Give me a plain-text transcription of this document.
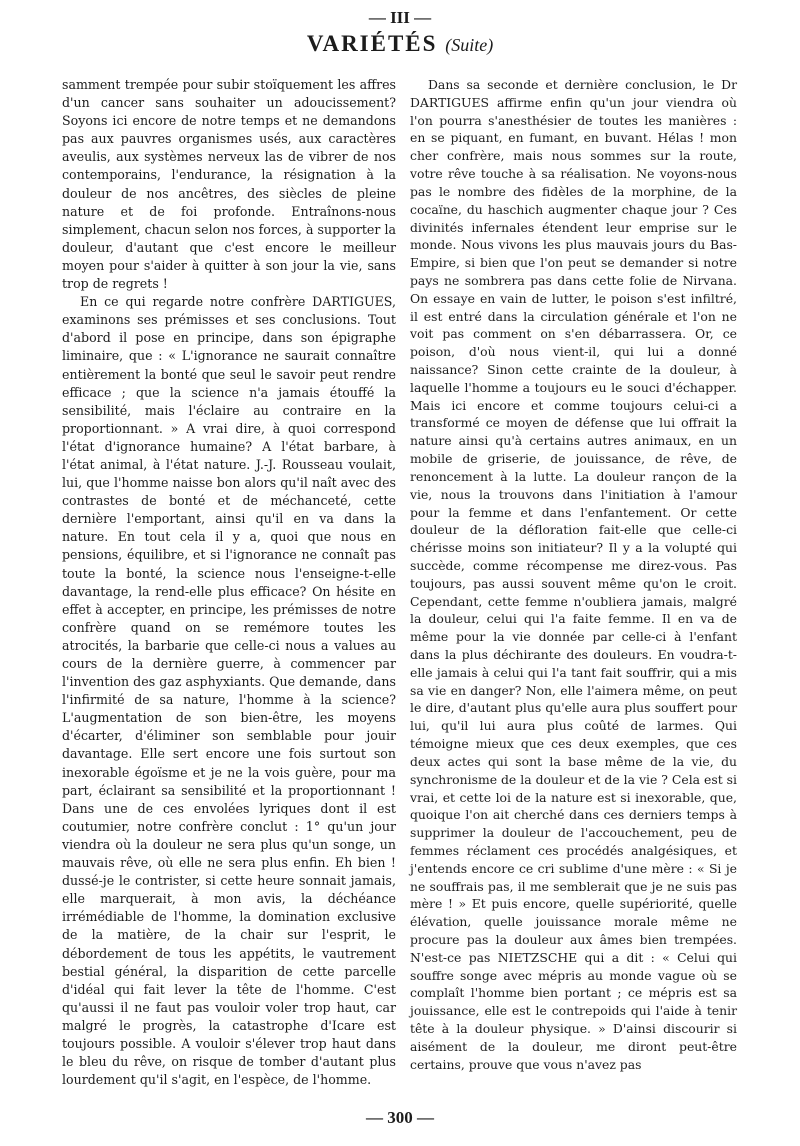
— III —
VARIÉTÉS (Suite)

samment trempée pour subir stoïquement les affres d'un cancer sans souhaiter un adoucissement? Soyons ici encore de notre temps et ne demandons pas aux pauvres organismes usés, aux caractères aveulis, aux systèmes nerveux las de vibrer de nos contemporains, l'endurance, la résignation à la douleur de nos ancêtres, des siècles de pleine nature et de foi profonde. Entraînons-nous simplement, chacun selon nos forces, à supporter la douleur, d'autant que c'est encore le meilleur moyen pour s'aider à quitter à son jour la vie, sans trop de regrets !

En ce qui regarde notre confrère DARTIGUES, examinons ses prémisses et ses conclusions. Tout d'abord il pose en principe, dans son épigraphe liminaire, que : « L'ignorance ne saurait connaître entièrement la bonté que seul le savoir peut rendre efficace ; que la science n'a jamais étouffé la sensibilité, mais l'éclaire au contraire en la proportionnant. » A vrai dire, à quoi correspond l'état d'ignorance humaine? A l'état barbare, à l'état animal, à l'état nature. J.-J. Rousseau voulait, lui, que l'homme naisse bon alors qu'il naît avec des contrastes de bonté et de méchanceté, cette dernière l'emportant, ainsi qu'il en va dans la nature. En tout cela il y a, quoi que nous en pensions, équilibre, et si l'ignorance ne connaît pas toute la bonté, la science nous l'enseigne-t-elle davantage, la rend-elle plus efficace? On hésite en effet à accepter, en principe, les prémisses de notre confrère quand on se remémore toutes les atrocités, la barbarie que celle-ci nous a values au cours de la dernière guerre, à commencer par l'invention des gaz asphyxiants. Que demande, dans l'infirmité de sa nature, l'homme à la science? L'augmentation de son bien-être, les moyens d'écarter, d'éliminer son semblable pour jouir davantage. Elle sert encore une fois surtout son inexorable égoïsme et je ne la vois guère, pour ma part, éclairant sa sensibilité et la proportionnant ! Dans une de ces envolées lyriques dont il est coutumier, notre confrère conclut : 1° qu'un jour viendra où la douleur ne sera plus qu'un songe, un mauvais rêve, où elle ne sera plus enfin. Eh bien ! dussé-je le contrister, si cette heure sonnait jamais, elle marquerait, à mon avis, la déchéance irrémédiable de l'homme, la domination exclusive de la matière, de la chair sur l'esprit, le débordement de tous les appétits, le vautrement bestial général, la disparition de cette parcelle d'idéal qui fait lever la tête de l'homme. C'est qu'aussi il ne faut pas vouloir voler trop haut, car malgré le progrès, la catastrophe d'Icare est toujours possible. A vouloir s'élever trop haut dans le bleu du rêve, on risque de tomber d'autant plus lourdement qu'il s'agit, en l'espèce, de l'homme.

Dans sa seconde et dernière conclusion, le Dr DARTIGUES affirme enfin qu'un jour viendra où l'on pourra s'anesthésier de toutes les manières : en se piquant, en fumant, en buvant. Hélas ! mon cher confrère, mais nous sommes sur la route, votre rêve touche à sa réalisation. Ne voyons-nous pas le nombre des fidèles de la morphine, de la cocaïne, du haschich augmenter chaque jour ? Ces divinités infernales étendent leur emprise sur le monde. Nous vivons les plus mauvais jours du Bas-Empire, si bien que l'on peut se demander si notre pays ne sombrera pas dans cette folie de Nirvana. On essaye en vain de lutter, le poison s'est infiltré, il est entré dans la circulation générale et l'on ne voit pas comment on s'en débarrassera. Or, ce poison, d'où nous vient-il, qui lui a donné naissance? Sinon cette crainte de la douleur, à laquelle l'homme a toujours eu le souci d'échapper. Mais ici encore et comme toujours celui-ci a transformé ce moyen de défense que lui offrait la nature ainsi qu'à certains autres animaux, en un mobile de griserie, de jouissance, de rêve, de renoncement à la lutte. La douleur rançon de la vie, nous la trouvons dans l'initiation à l'amour pour la femme et dans l'enfantement. Or cette douleur de la défloration fait-elle que celle-ci chérisse moins son initiateur? Il y a la volupté qui succède, comme récompense me direz-vous. Pas toujours, pas aussi souvent même qu'on le croit. Cependant, cette femme n'oubliera jamais, malgré la douleur, celui qui l'a faite femme. Il en va de même pour la vie donnée par celle-ci à l'enfant dans la plus déchirante des douleurs. En voudra-t-elle jamais à celui qui l'a tant fait souffrir, qui a mis sa vie en danger? Non, elle l'aimera même, on peut le dire, d'autant plus qu'elle aura plus souffert pour lui, qu'il lui aura plus coûté de larmes. Qui témoigne mieux que ces deux exemples, que ces deux actes qui sont la base même de la vie, du synchronisme de la douleur et de la vie ? Cela est si vrai, et cette loi de la nature est si inexorable, que, quoique l'on ait cherché dans ces derniers temps à supprimer la douleur de l'accouchement, peu de femmes réclament ces procédés analgésiques, et j'entends encore ce cri sublime d'une mère : « Si je ne souffrais pas, il me semblerait que je ne suis pas mère ! » Et puis encore, quelle supériorité, quelle élévation, quelle jouissance morale même ne procure pas la douleur aux âmes bien trempées. N'est-ce pas NIETZSCHE qui a dit : « Celui qui souffre songe avec mépris au monde vague où se complaît l'homme bien portant ; ce mépris est sa jouissance, elle est le contrepoids qui l'aide à tenir tête à la douleur physique. » D'ainsi discourir si aisément de la douleur, me diront peut-être certains, prouve que vous n'avez pas

— 300 —
